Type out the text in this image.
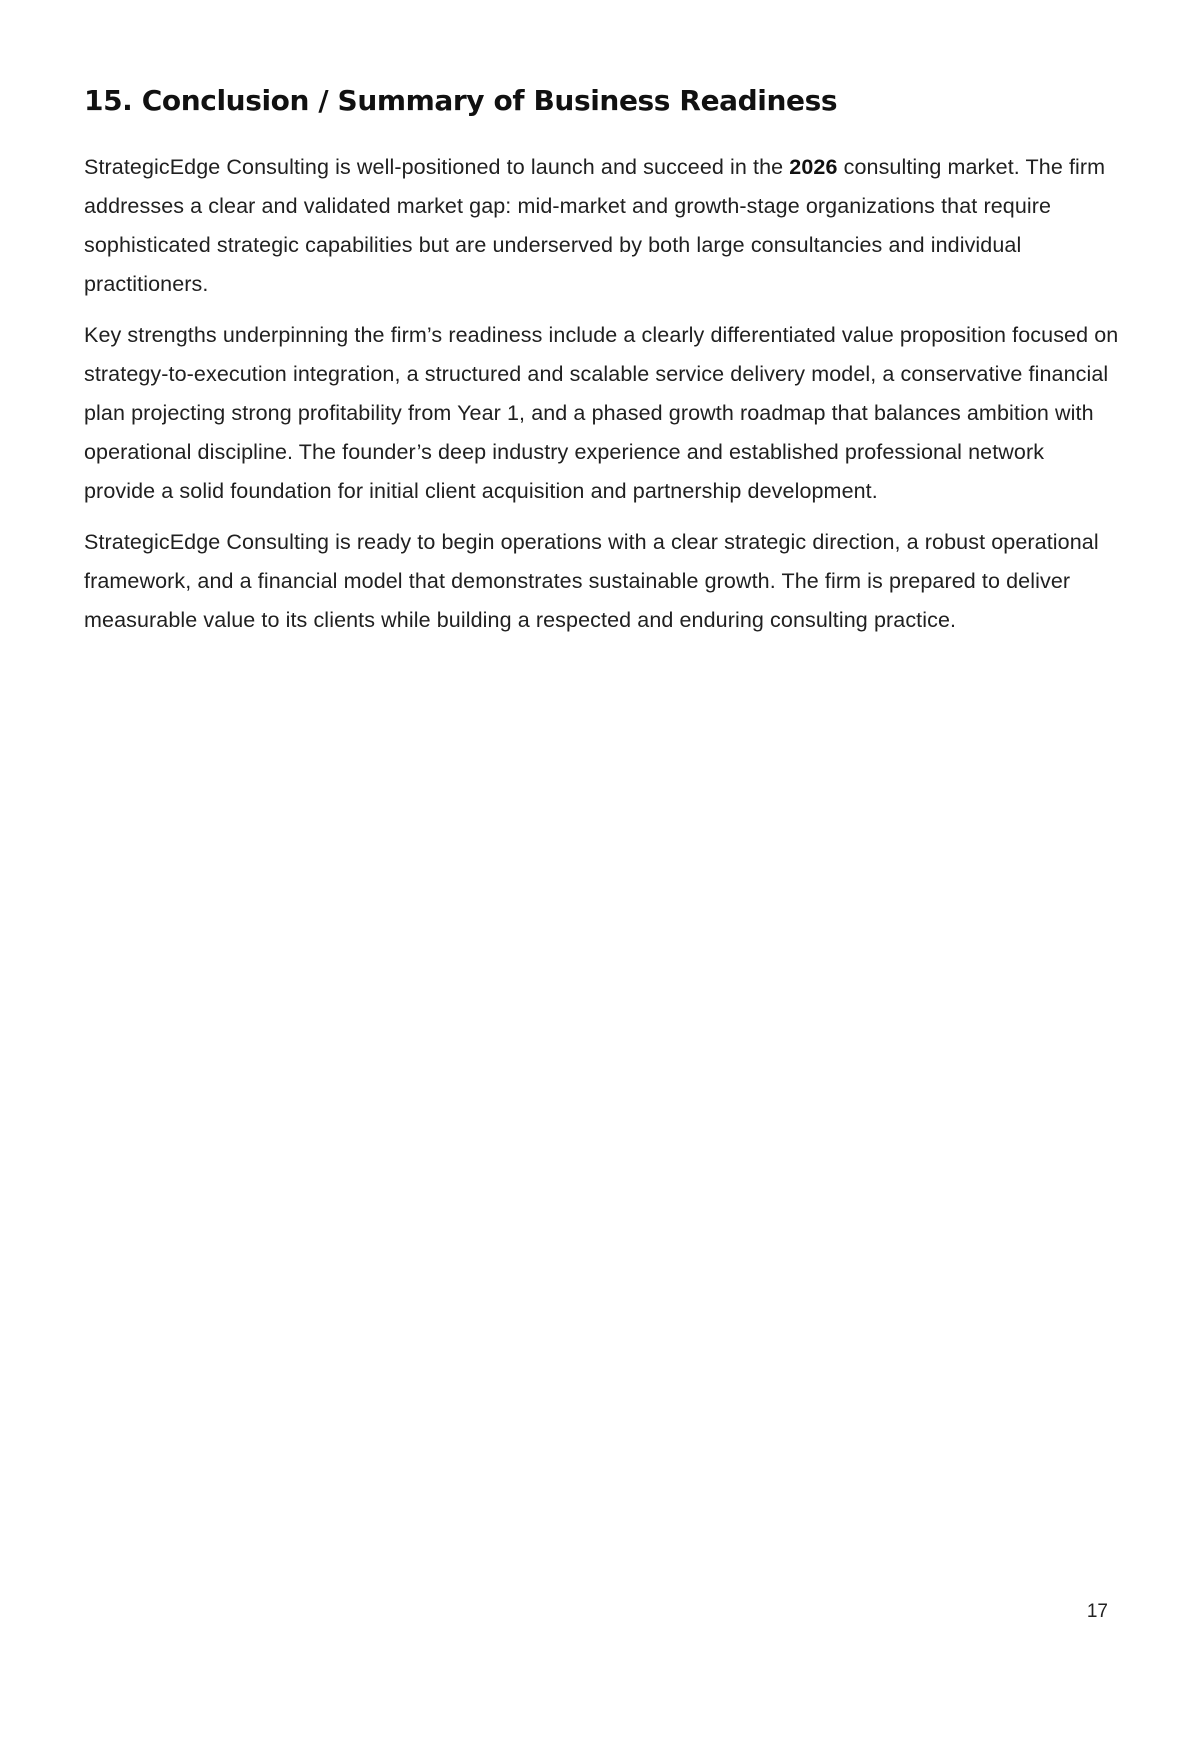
15. Conclusion / Summary of Business Readiness

StrategicEdge Consulting is well-positioned to launch and succeed in the 2026 consulting market. The firm addresses a clear and validated market gap: mid-market and growth-stage organizations that require sophisticated strategic capabilities but are underserved by both large consultancies and individual practitioners.

Key strengths underpinning the firm’s readiness include a clearly differentiated value proposition focused on strategy-to-execution integration, a structured and scalable service delivery model, a conservative financial plan projecting strong profitability from Year 1, and a phased growth roadmap that balances ambition with operational discipline. The founder’s deep industry experience and established professional network provide a solid foundation for initial client acquisition and partnership development.

StrategicEdge Consulting is ready to begin operations with a clear strategic direction, a robust operational framework, and a financial model that demonstrates sustainable growth. The firm is prepared to deliver measurable value to its clients while building a respected and enduring consulting practice.

17
